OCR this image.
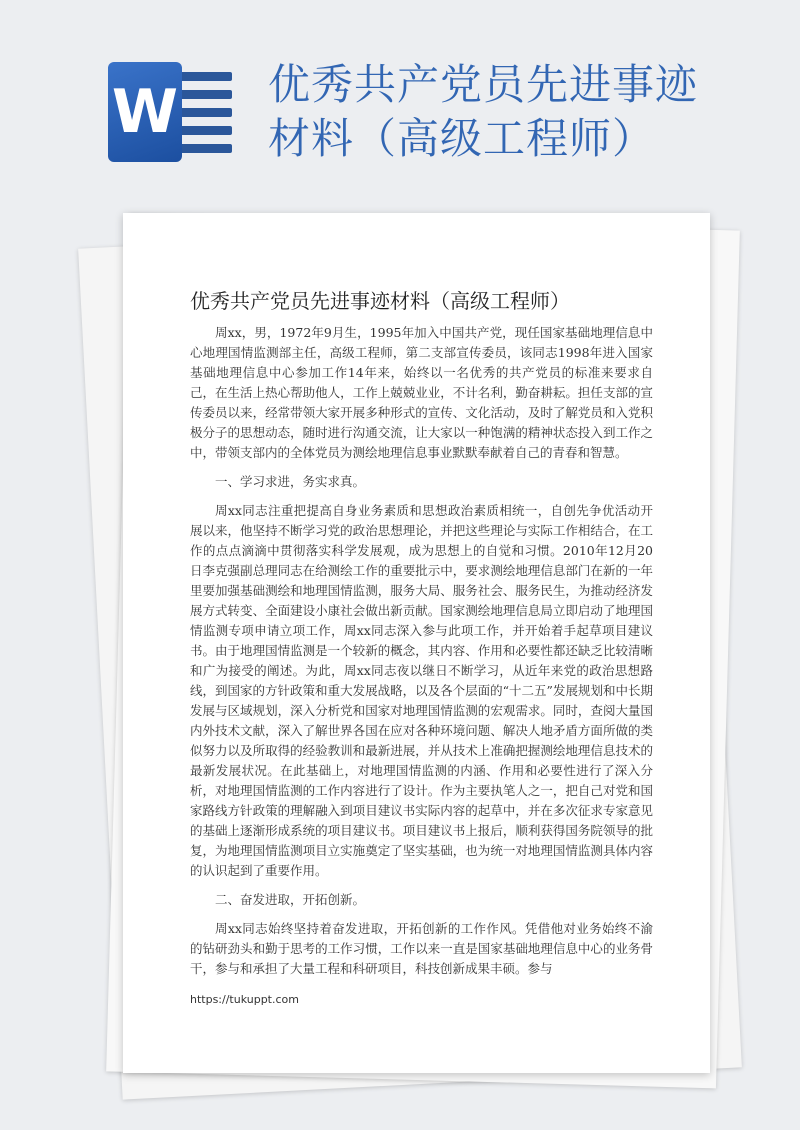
W 优秀共产党员先进事迹
材料（高级工程师）
优秀共产党员先进事迹材料（高级工程师）

周xx，男，1972年9月生，1995年加入中国共产党，现任国家基础地理信息中心地理国情监测部主任，高级工程师，第二支部宣传委员，该同志1998年进入国家基础地理信息中心参加工作14年来，始终以一名优秀的共产党员的标准来要求自己，在生活上热心帮助他人，工作上兢兢业业，不计名利，勤奋耕耘。担任支部的宣传委员以来，经常带领大家开展多种形式的宣传、文化活动，及时了解党员和入党积极分子的思想动态，随时进行沟通交流，让大家以一种饱满的精神状态投入到工作之中，带领支部内的全体党员为测绘地理信息事业默默奉献着自己的青春和智慧。

一、学习求进，务实求真。

周xx同志注重把提高自身业务素质和思想政治素质相统一，自创先争优活动开展以来，他坚持不断学习党的政治思想理论，并把这些理论与实际工作相结合，在工作的点点滴滴中贯彻落实科学发展观，成为思想上的自觉和习惯。2010年12月20日李克强副总理同志在给测绘工作的重要批示中，要求测绘地理信息部门在新的一年里要加强基础测绘和地理国情监测，服务大局、服务社会、服务民生，为推动经济发展方式转变、全面建设小康社会做出新贡献。国家测绘地理信息局立即启动了地理国情监测专项申请立项工作，周xx同志深入参与此项工作，并开始着手起草项目建议书。由于地理国情监测是一个较新的概念，其内容、作用和必要性都还缺乏比较清晰和广为接受的阐述。为此，周xx同志夜以继日不断学习，从近年来党的政治思想路线，到国家的方针政策和重大发展战略，以及各个层面的“十二五”发展规划和中长期发展与区域规划，深入分析党和国家对地理国情监测的宏观需求。同时，查阅大量国内外技术文献，深入了解世界各国在应对各种环境问题、解决人地矛盾方面所做的类似努力以及所取得的经验教训和最新进展，并从技术上准确把握测绘地理信息技术的最新发展状况。在此基础上，对地理国情监测的内涵、作用和必要性进行了深入分析，对地理国情监测的工作内容进行了设计。作为主要执笔人之一，把自己对党和国家路线方针政策的理解融入到项目建议书实际内容的起草中，并在多次征求专家意见的基础上逐渐形成系统的项目建议书。项目建议书上报后，顺利获得国务院领导的批复，为地理国情监测项目立实施奠定了坚实基础，也为统一对地理国情监测具体内容的认识起到了重要作用。

二、奋发进取，开拓创新。

周xx同志始终坚持着奋发进取，开拓创新的工作作风。凭借他对业务始终不渝的钻研劲头和勤于思考的工作习惯，工作以来一直是国家基础地理信息中心的业务骨干，参与和承担了大量工程和科研项目，科技创新成果丰硕。参与

https://tukuppt.com
